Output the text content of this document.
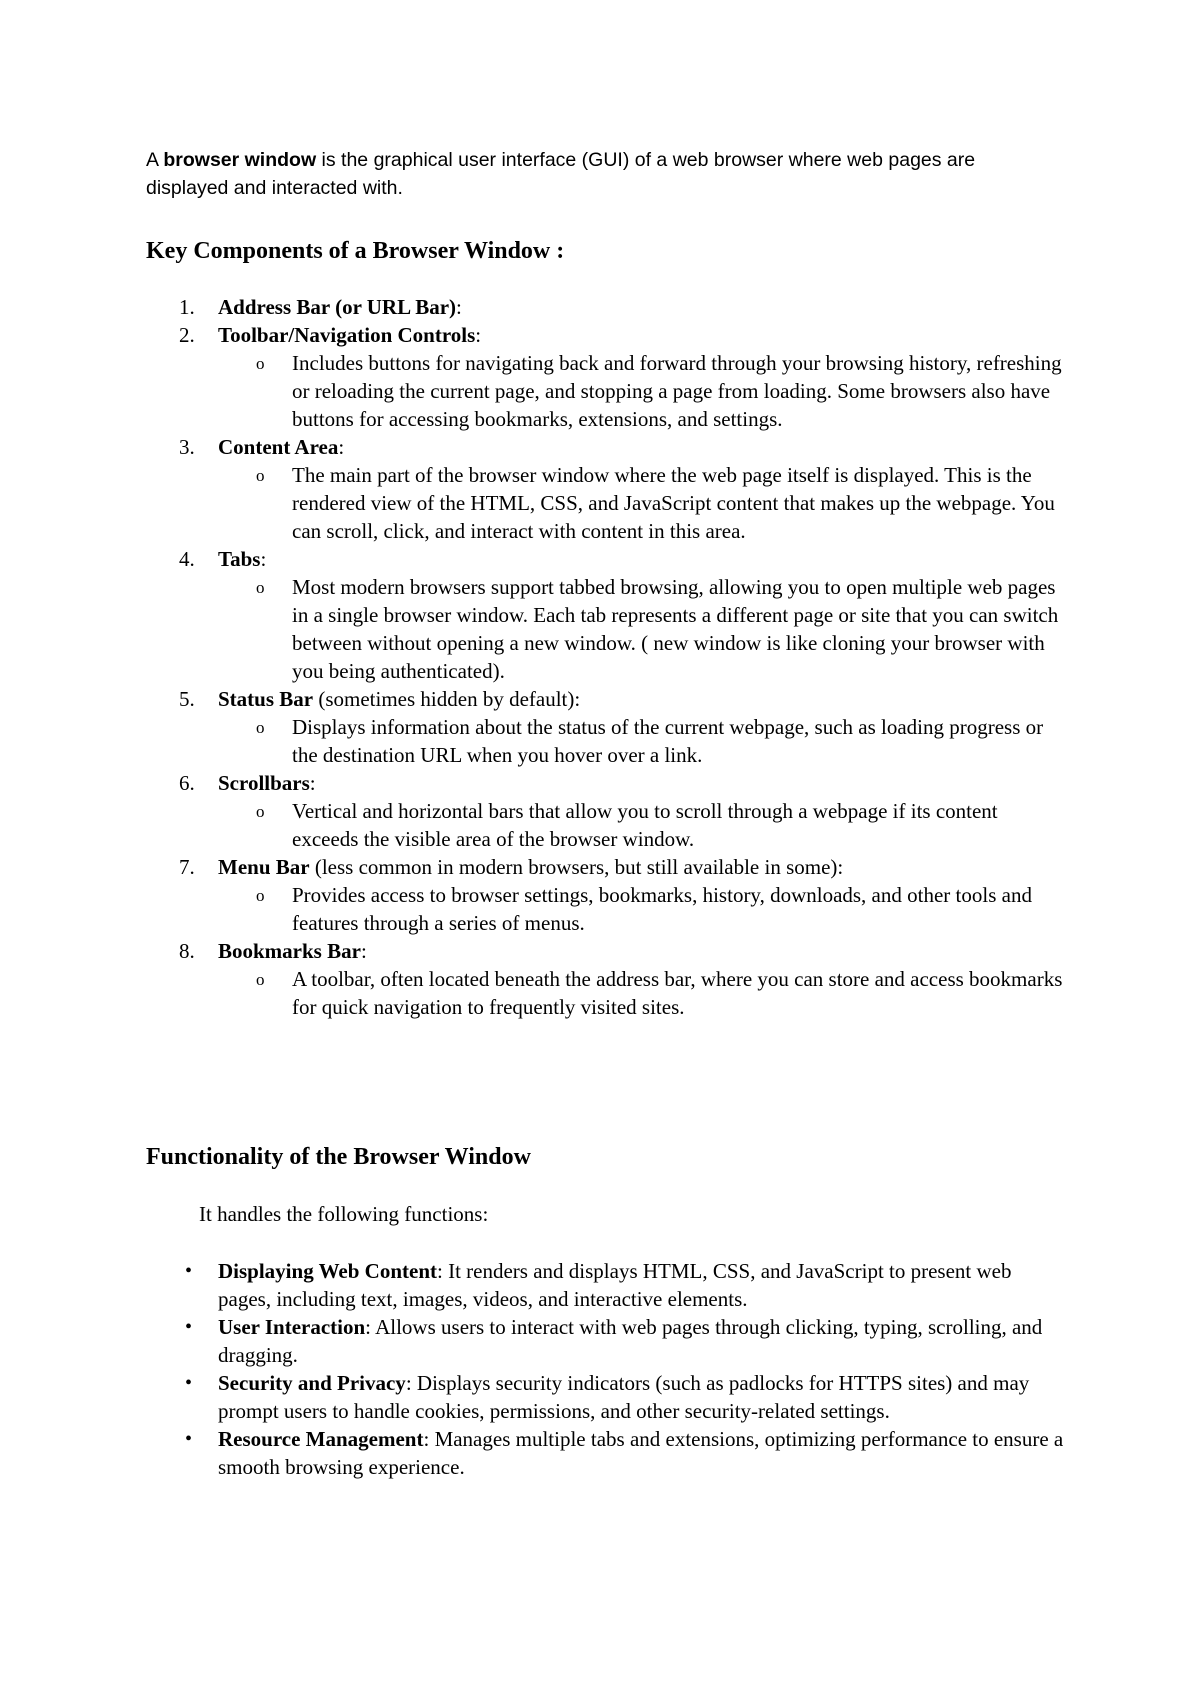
A browser window is the graphical user interface (GUI) of a web browser where web pages are displayed and interacted with.

Key Components of a Browser Window :
1. Address Bar (or URL Bar):
2. Toolbar/Navigation Controls:
o Includes buttons for navigating back and forward through your browsing history, refreshing or reloading the current page, and stopping a page from loading. Some browsers also have buttons for accessing bookmarks, extensions, and settings.
3. Content Area:
o The main part of the browser window where the web page itself is displayed. This is the rendered view of the HTML, CSS, and JavaScript content that makes up the webpage. You can scroll, click, and interact with content in this area.
4. Tabs:
o Most modern browsers support tabbed browsing, allowing you to open multiple web pages in a single browser window. Each tab represents a different page or site that you can switch between without opening a new window. ( new window is like cloning your browser with you being authenticated).
5. Status Bar (sometimes hidden by default):
o Displays information about the status of the current webpage, such as loading progress or the destination URL when you hover over a link.
6. Scrollbars:
o Vertical and horizontal bars that allow you to scroll through a webpage if its content exceeds the visible area of the browser window.
7. Menu Bar (less common in modern browsers, but still available in some):
o Provides access to browser settings, bookmarks, history, downloads, and other tools and features through a series of menus.
8. Bookmarks Bar:
o A toolbar, often located beneath the address bar, where you can store and access bookmarks for quick navigation to frequently visited sites.
Functionality of the Browser Window

It handles the following functions:

• Displaying Web Content: It renders and displays HTML, CSS, and JavaScript to present web pages, including text, images, videos, and interactive elements.
• User Interaction: Allows users to interact with web pages through clicking, typing, scrolling, and dragging.
• Security and Privacy: Displays security indicators (such as padlocks for HTTPS sites) and may prompt users to handle cookies, permissions, and other security-related settings.
• Resource Management: Manages multiple tabs and extensions, optimizing performance to ensure a smooth browsing experience.
